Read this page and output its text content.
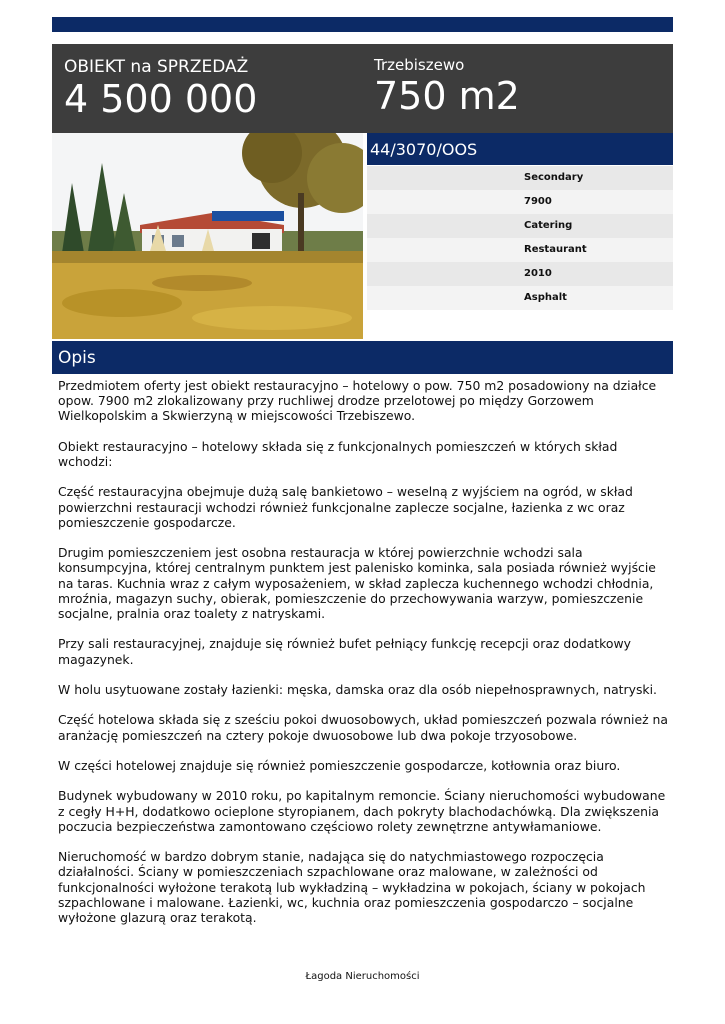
OBIEKT na SPRZEDAŻ
4 500 000
Trzebiszewo
750 m2
44/3070/OOS
Secondary
7900
Catering
Restaurant
2010
Asphalt
Opis

Przedmiotem oferty jest obiekt restauracyjno – hotelowy o pow. 750 m2 posadowiony na działce opow. 7900 m2 zlokalizowany przy ruchliwej drodze przelotowej po między Gorzowem Wielkopolskim a Skwierzyną w miejscowości Trzebiszewo.

Obiekt restauracyjno – hotelowy składa się z funkcjonalnych pomieszczeń w których skład wchodzi:

Część restauracyjna obejmuje dużą salę bankietowo – weselną z wyjściem na ogród, w skład powierzchni restauracji wchodzi również funkcjonalne zaplecze socjalne, łazienka z wc oraz pomieszczenie gospodarcze.

Drugim pomieszczeniem jest osobna restauracja w której powierzchnie wchodzi sala konsumpcyjna, której centralnym punktem jest palenisko kominka, sala posiada również wyjście na taras. Kuchnia wraz z całym wyposażeniem, w skład zaplecza kuchennego wchodzi chłodnia, mroźnia, magazyn suchy, obierak, pomieszczenie do przechowywania warzyw, pomieszczenie socjalne, pralnia oraz toalety z natryskami.

Przy sali restauracyjnej, znajduje się również bufet pełniący funkcję recepcji oraz dodatkowy magazynek.

W holu usytuowane zostały łazienki: męska, damska oraz dla osób niepełnosprawnych, natryski.

Część hotelowa składa się z sześciu pokoi dwuosobowych, układ pomieszczeń pozwala również na aranżację pomieszczeń na cztery pokoje dwuosobowe lub dwa pokoje trzyosobowe.

W części hotelowej znajduje się również pomieszczenie gospodarcze, kotłownia oraz biuro.

Budynek wybudowany w 2010 roku, po kapitalnym remoncie. Ściany nieruchomości wybudowane z cegły H+H, dodatkowo ocieplone styropianem, dach pokryty blachodachówką. Dla zwiększenia poczucia bezpieczeństwa zamontowano częściowo rolety zewnętrzne antywłamaniowe.

Nieruchomość w bardzo dobrym stanie, nadająca się do natychmiastowego rozpoczęcia działalności. Ściany w pomieszczeniach szpachlowane oraz malowane, w zależności od funkcjonalności wyłożone terakotą lub wykładziną – wykładzina w pokojach, ściany w pokojach szpachlowane i malowane. Łazienki, wc, kuchnia oraz pomieszczenia gospodarczo – socjalne wyłożone glazurą oraz terakotą.

Łagoda Nieruchomości
